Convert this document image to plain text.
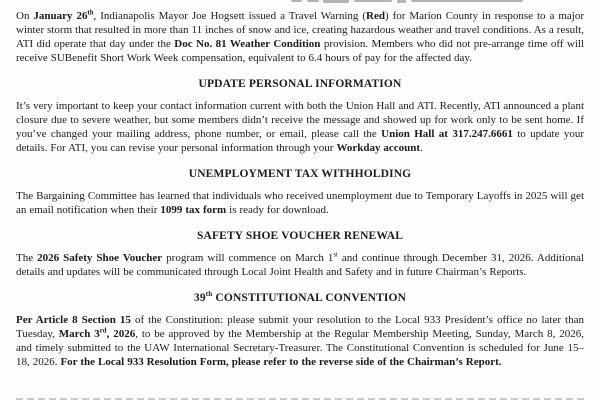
On January 26th, Indianapolis Mayor Joe Hogsett issued a Travel Warning (Red) for Marion County in response to a major winter storm that resulted in more than 11 inches of snow and ice, creating hazardous weather and travel conditions. As a result, ATI did operate that day under the Doc No. 81 Weather Condition provision. Members who did not pre-arrange time off will receive SUBenefit Short Work Week compensation, equivalent to 6.4 hours of pay for the affected day.

UPDATE PERSONAL INFORMATION

It’s very important to keep your contact information current with both the Union Hall and ATI. Recently, ATI announced a plant closure due to severe weather, but some members didn’t receive the message and showed up for work only to be sent home. If you’ve changed your mailing address, phone number, or email, please call the Union Hall at 317.247.6661 to update your details. For ATI, you can revise your personal information through your Workday account.

UNEMPLOYMENT TAX WITHHOLDING

The Bargaining Committee has learned that individuals who received unemployment due to Temporary Layoffs in 2025 will get an email notification when their 1099 tax form is ready for download.

SAFETY SHOE VOUCHER RENEWAL

The 2026 Safety Shoe Voucher program will commence on March 1st and continue through December 31, 2026. Additional details and updates will be communicated through Local Joint Health and Safety and in future Chairman’s Reports.

39th CONSTITUTIONAL CONVENTION

Per Article 8 Section 15 of the Constitution: please submit your resolution to the Local 933 President’s office no later than Tuesday, March 3rd, 2026, to be approved by the Membership at the Regular Membership Meeting, Sunday, March 8, 2026, and timely submitted to the UAW International Secretary-Treasurer. The Constitutional Convention is scheduled for June 15–18, 2026. For the Local 933 Resolution Form, please refer to the reverse side of the Chairman’s Report.
